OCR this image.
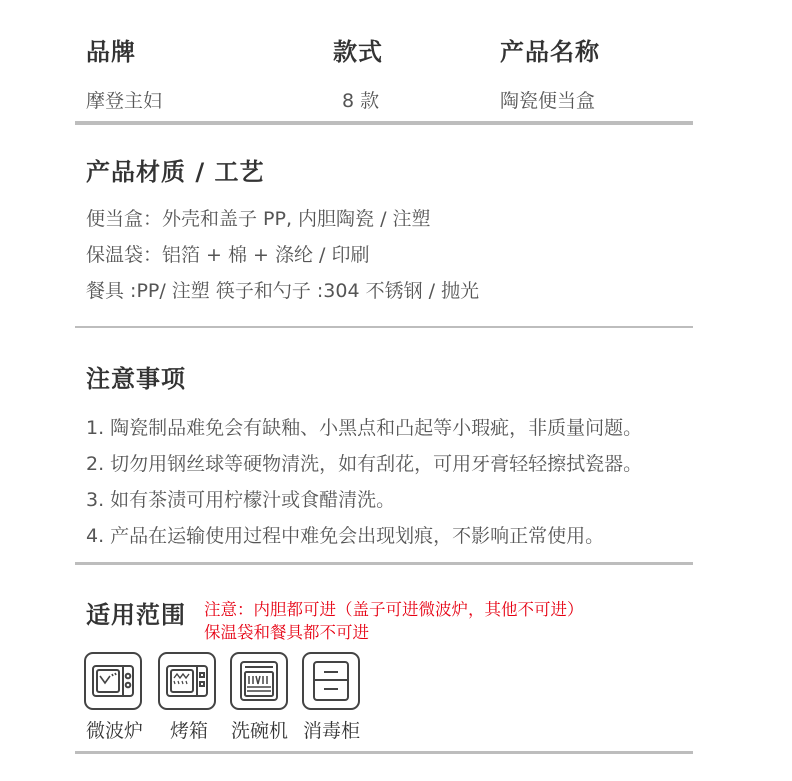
品牌	款式	产品名称
摩登主妇	8 款	陶瓷便当盒
产品材质 / 工艺
便当盒：外壳和盖子 PP, 内胆陶瓷 / 注塑
保温袋：铝箔 + 棉 + 涤纶 / 印刷
餐具 :PP/ 注塑 筷子和勺子 :304 不锈钢 / 抛光
注意事项
1. 陶瓷制品难免会有缺釉、小黑点和凸起等小瑕疵，非质量问题。
2. 切勿用钢丝球等硬物清洗，如有刮花，可用牙膏轻轻擦拭瓷器。
3. 如有茶渍可用柠檬汁或食醋清洗。
4. 产品在运输使用过程中难免会出现划痕，不影响正常使用。
适用范围 注意：内胆都可进（盖子可进微波炉，其他不可进）
保温袋和餐具都不可进
微波炉 烤箱 洗碗机 消毒柜
